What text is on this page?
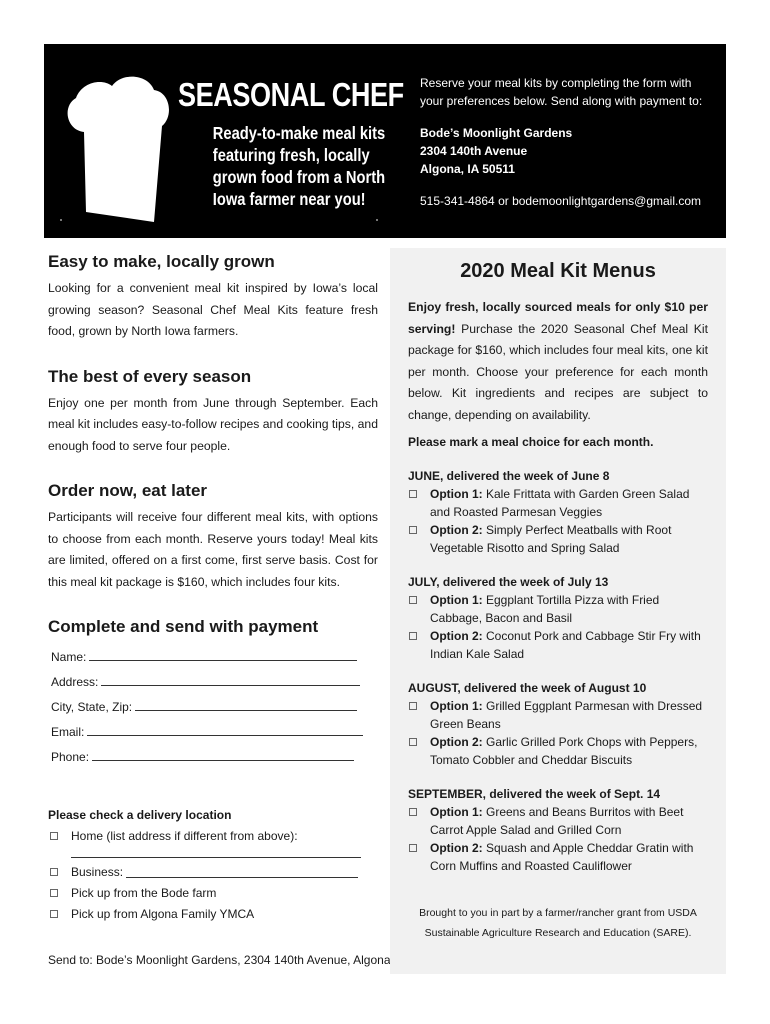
SEASONAL CHEF
Ready-to-make meal kits
featuring fresh, locally
grown food from a North
Iowa farmer near you!
Reserve your meal kits by completing the form with your preferences below. Send along with payment to:
Bode’s Moonlight Gardens
2304 140th Avenue
Algona, IA 50511
515-341-4864 or bodemoonlightgardens@gmail.com
Easy to make, locally grown
Looking for a convenient meal kit inspired by Iowa’s local growing season? Seasonal Chef Meal Kits feature fresh food, grown by North Iowa farmers.
The best of every season
Enjoy one per month from June through September. Each meal kit includes easy-to-follow recipes and cooking tips, and enough food to serve four people.
Order now, eat later
Participants will receive four different meal kits, with options to choose from each month. Reserve yours today! Meal kits are limited, offered on a first come, first serve basis. Cost for this meal kit package is $160, which includes four kits.
Complete and send with payment
Name:
Address:
City, State, Zip:
Email:
Phone:
Please check a delivery location
Home (list address if different from above):
Business:
Pick up from the Bode farm
Pick up from Algona Family YMCA
Send to: Bode’s Moonlight Gardens, 2304 140th Avenue, Algona
2020 Meal Kit Menus
Enjoy fresh, locally sourced meals for only $10 per serving! Purchase the 2020 Seasonal Chef Meal Kit package for $160, which includes four meal kits, one kit per month. Choose your preference for each month below. Kit ingredients and recipes are subject to change, depending on availability.
Please mark a meal choice for each month.
JUNE, delivered the week of June 8
Option 1: Kale Frittata with Garden Green Salad and Roasted Parmesan Veggies
Option 2: Simply Perfect Meatballs with Root Vegetable Risotto and Spring Salad
JULY, delivered the week of July 13
Option 1: Eggplant Tortilla Pizza with Fried Cabbage, Bacon and Basil
Option 2: Coconut Pork and Cabbage Stir Fry with Indian Kale Salad
AUGUST, delivered the week of August 10
Option 1: Grilled Eggplant Parmesan with Dressed Green Beans
Option 2: Garlic Grilled Pork Chops with Peppers, Tomato Cobbler and Cheddar Biscuits
SEPTEMBER, delivered the week of Sept. 14
Option 1: Greens and Beans Burritos with Beet Carrot Apple Salad and Grilled Corn
Option 2: Squash and Apple Cheddar Gratin with Corn Muffins and Roasted Cauliflower
Brought to you in part by a farmer/rancher grant from USDA
Sustainable Agriculture Research and Education (SARE).
